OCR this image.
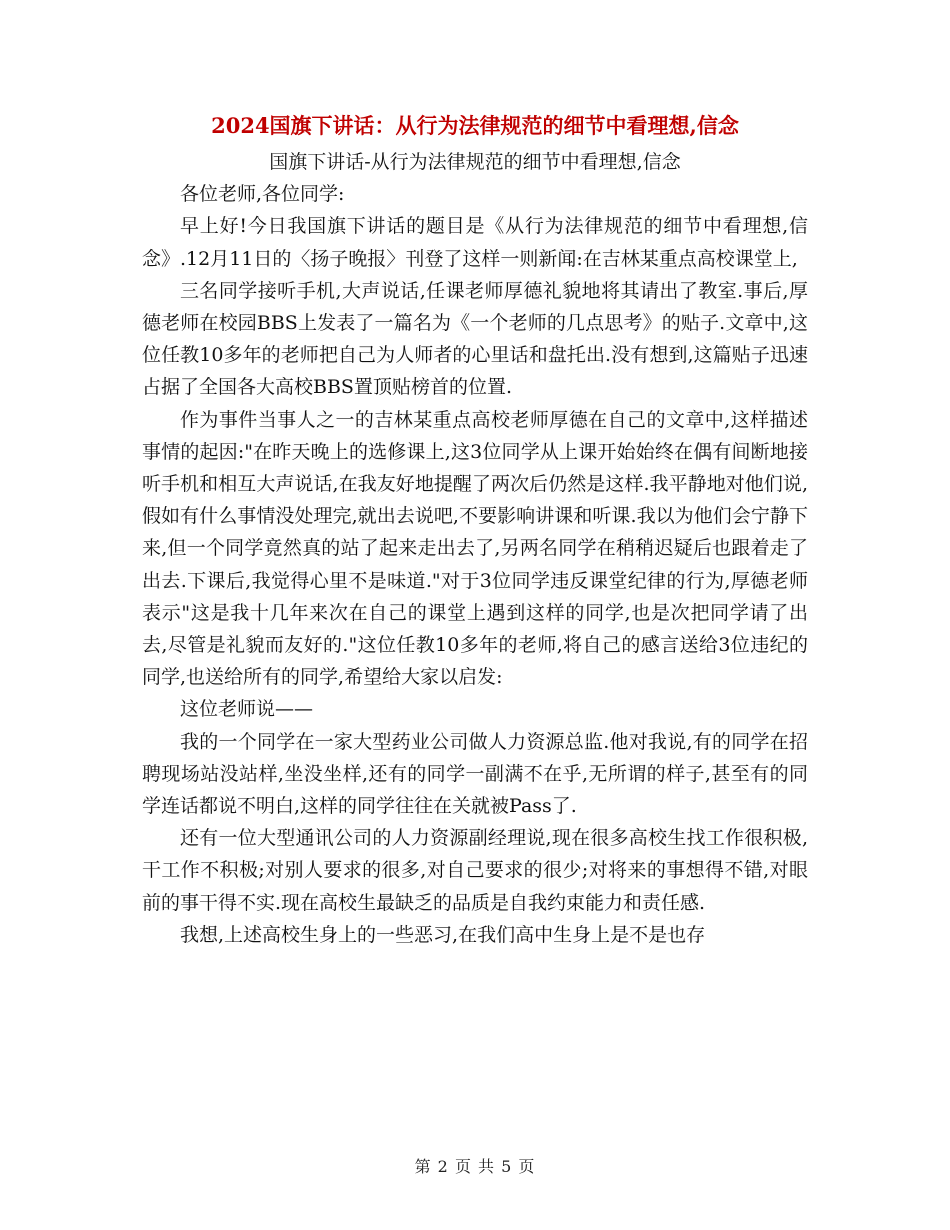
2024国旗下讲话：从行为法律规范的细节中看理想,信念

国旗下讲话-从行为法律规范的细节中看理想,信念

各位老师,各位同学:

早上好!今日我国旗下讲话的题目是《从行为法律规范的细节中看理想,信念》.12月11日的〈扬子晚报〉刊登了这样一则新闻:在吉林某重点高校课堂上,

三名同学接听手机,大声说话,任课老师厚德礼貌地将其请出了教室.事后,厚德老师在校园BBS上发表了一篇名为《一个老师的几点思考》的贴子.文章中,这位任教10多年的老师把自己为人师者的心里话和盘托出.没有想到,这篇贴子迅速占据了全国各大高校BBS置顶贴榜首的位置.

作为事件当事人之一的吉林某重点高校老师厚德在自己的文章中,这样描述事情的起因:"在昨天晚上的选修课上,这3位同学从上课开始始终在偶有间断地接听手机和相互大声说话,在我友好地提醒了两次后仍然是这样.我平静地对他们说,假如有什么事情没处理完,就出去说吧,不要影响讲课和听课.我以为他们会宁静下来,但一个同学竟然真的站了起来走出去了,另两名同学在稍稍迟疑后也跟着走了出去.下课后,我觉得心里不是味道."对于3位同学违反课堂纪律的行为,厚德老师表示"这是我十几年来次在自己的课堂上遇到这样的同学,也是次把同学请了出去,尽管是礼貌而友好的."这位任教10多年的老师,将自己的感言送给3位违纪的同学,也送给所有的同学,希望给大家以启发:

这位老师说——

我的一个同学在一家大型药业公司做人力资源总监.他对我说,有的同学在招聘现场站没站样,坐没坐样,还有的同学一副满不在乎,无所谓的样子,甚至有的同学连话都说不明白,这样的同学往往在关就被Pass了.

还有一位大型通讯公司的人力资源副经理说,现在很多高校生找工作很积极,干工作不积极;对别人要求的很多,对自己要求的很少;对将来的事想得不错,对眼前的事干得不实.现在高校生最缺乏的品质是自我约束能力和责任感.

我想,上述高校生身上的一些恶习,在我们高中生身上是不是也存

第 2 页 共 5 页
